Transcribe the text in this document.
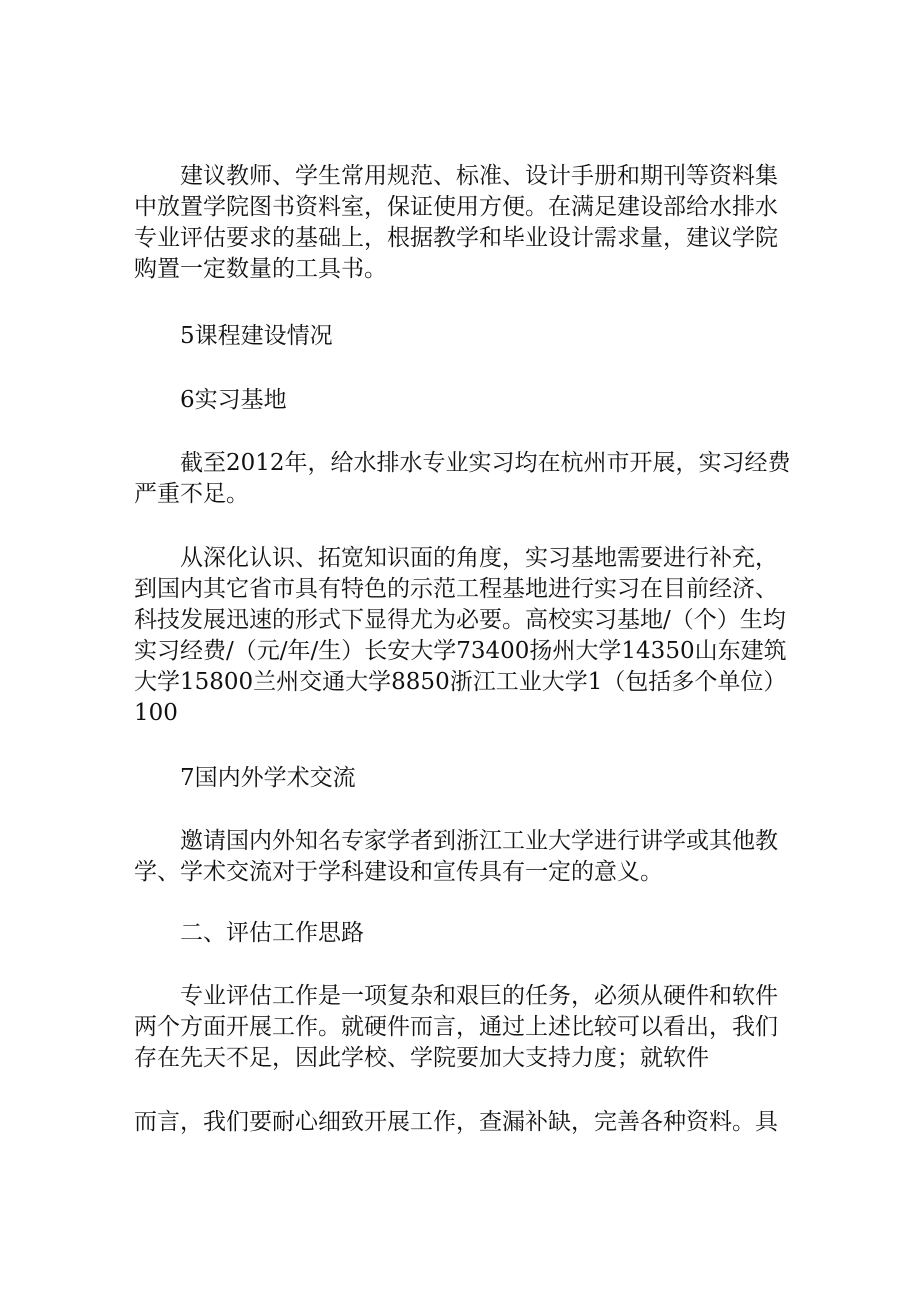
建议教师、学生常用规范、标准、设计手册和期刊等资料集
中放置学院图书资料室，保证使用方便。在满足建设部给水排水
专业评估要求的基础上，根据教学和毕业设计需求量，建议学院
购置一定数量的工具书。

5课程建设情况

6实习基地

截至2012年，给水排水专业实习均在杭州市开展，实习经费
严重不足。

从深化认识、拓宽知识面的角度，实习基地需要进行补充，
到国内其它省市具有特色的示范工程基地进行实习在目前经济、
科技发展迅速的形式下显得尤为必要。高校实习基地/（个）生均
实习经费/（元/年/生）长安大学73400扬州大学14350山东建筑
大学15800兰州交通大学8850浙江工业大学1（包括多个单位）
100

7国内外学术交流

邀请国内外知名专家学者到浙江工业大学进行讲学或其他教
学、学术交流对于学科建设和宣传具有一定的意义。

二、评估工作思路

专业评估工作是一项复杂和艰巨的任务，必须从硬件和软件
两个方面开展工作。就硬件而言，通过上述比较可以看出，我们
存在先天不足，因此学校、学院要加大支持力度；就软件

而言，我们要耐心细致开展工作，查漏补缺，完善各种资料。具
